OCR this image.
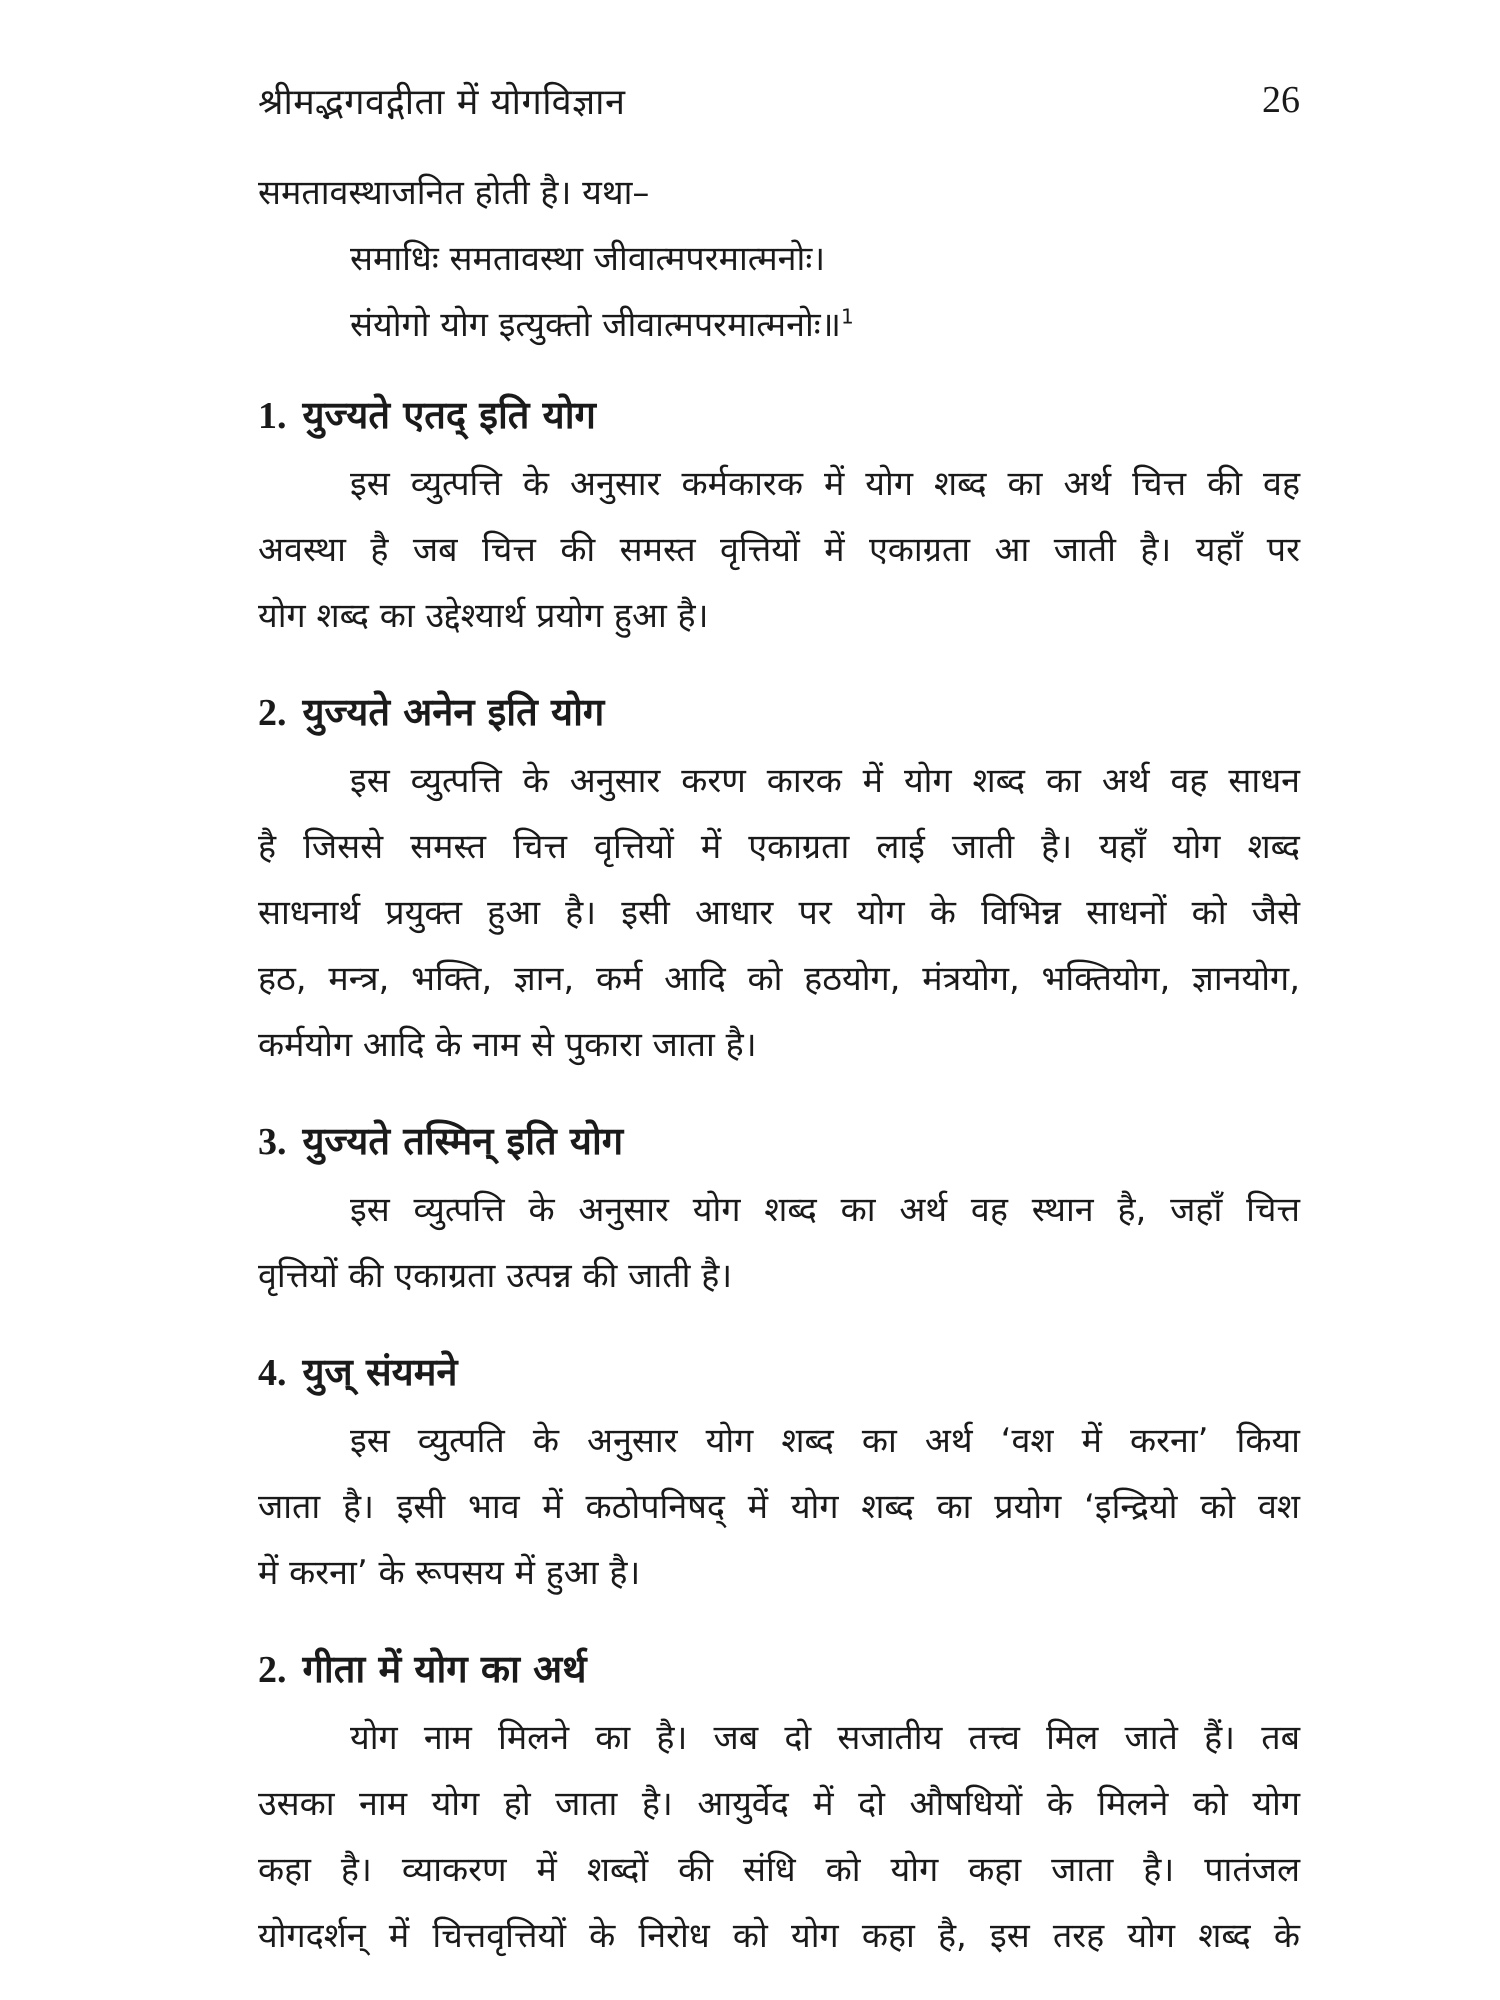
श्रीमद्भगवद्गीता में योगविज्ञान	26

समतावस्थाजनित होती है। यथा–

समाधिः समतावस्था जीवात्मपरमात्मनोः।

संयोगो योग इत्युक्तो जीवात्मपरमात्मनोः॥$^1$

1. युज्यते एतद् इति योग

इस व्युत्पत्ति के अनुसार कर्मकारक में योग शब्द का अर्थ चित्त की वह

अवस्था है जब चित्त की समस्त वृत्तियों में एकाग्रता आ जाती है। यहाँ पर

योग शब्द का उद्देश्यार्थ प्रयोग हुआ है।

2. युज्यते अनेन इति योग

इस व्युत्पत्ति के अनुसार करण कारक में योग शब्द का अर्थ वह साधन

है जिससे समस्त चित्त वृत्तियों में एकाग्रता लाई जाती है। यहाँ योग शब्द

साधनार्थ प्रयुक्त हुआ है। इसी आधार पर योग के विभिन्न साधनों को जैसे

हठ, मन्त्र, भक्ति, ज्ञान, कर्म आदि को हठयोग, मंत्रयोग, भक्तियोग, ज्ञानयोग,

कर्मयोग आदि के नाम से पुकारा जाता है।

3. युज्यते तस्मिन् इति योग

इस व्युत्पत्ति के अनुसार योग शब्द का अर्थ वह स्थान है, जहाँ चित्त

वृत्तियों की एकाग्रता उत्पन्न की जाती है।

4. युज् संयमने

इस व्युत्पति के अनुसार योग शब्द का अर्थ ‘वश में करना’ किया

जाता है। इसी भाव में कठोपनिषद् में योग शब्द का प्रयोग ‘इन्द्रियो को वश

में करना’ के रूपसय में हुआ है।

2. गीता में योग का अर्थ

योग नाम मिलने का है। जब दो सजातीय तत्त्व मिल जाते हैं। तब

उसका नाम योग हो जाता है। आयुर्वेद में दो औषधियों के मिलने को योग

कहा है। व्याकरण में शब्दों की संधि को योग कहा जाता है। पातंजल

योगदर्शन् में चित्तवृत्तियों के निरोध को योग कहा है, इस तरह योग शब्द के
